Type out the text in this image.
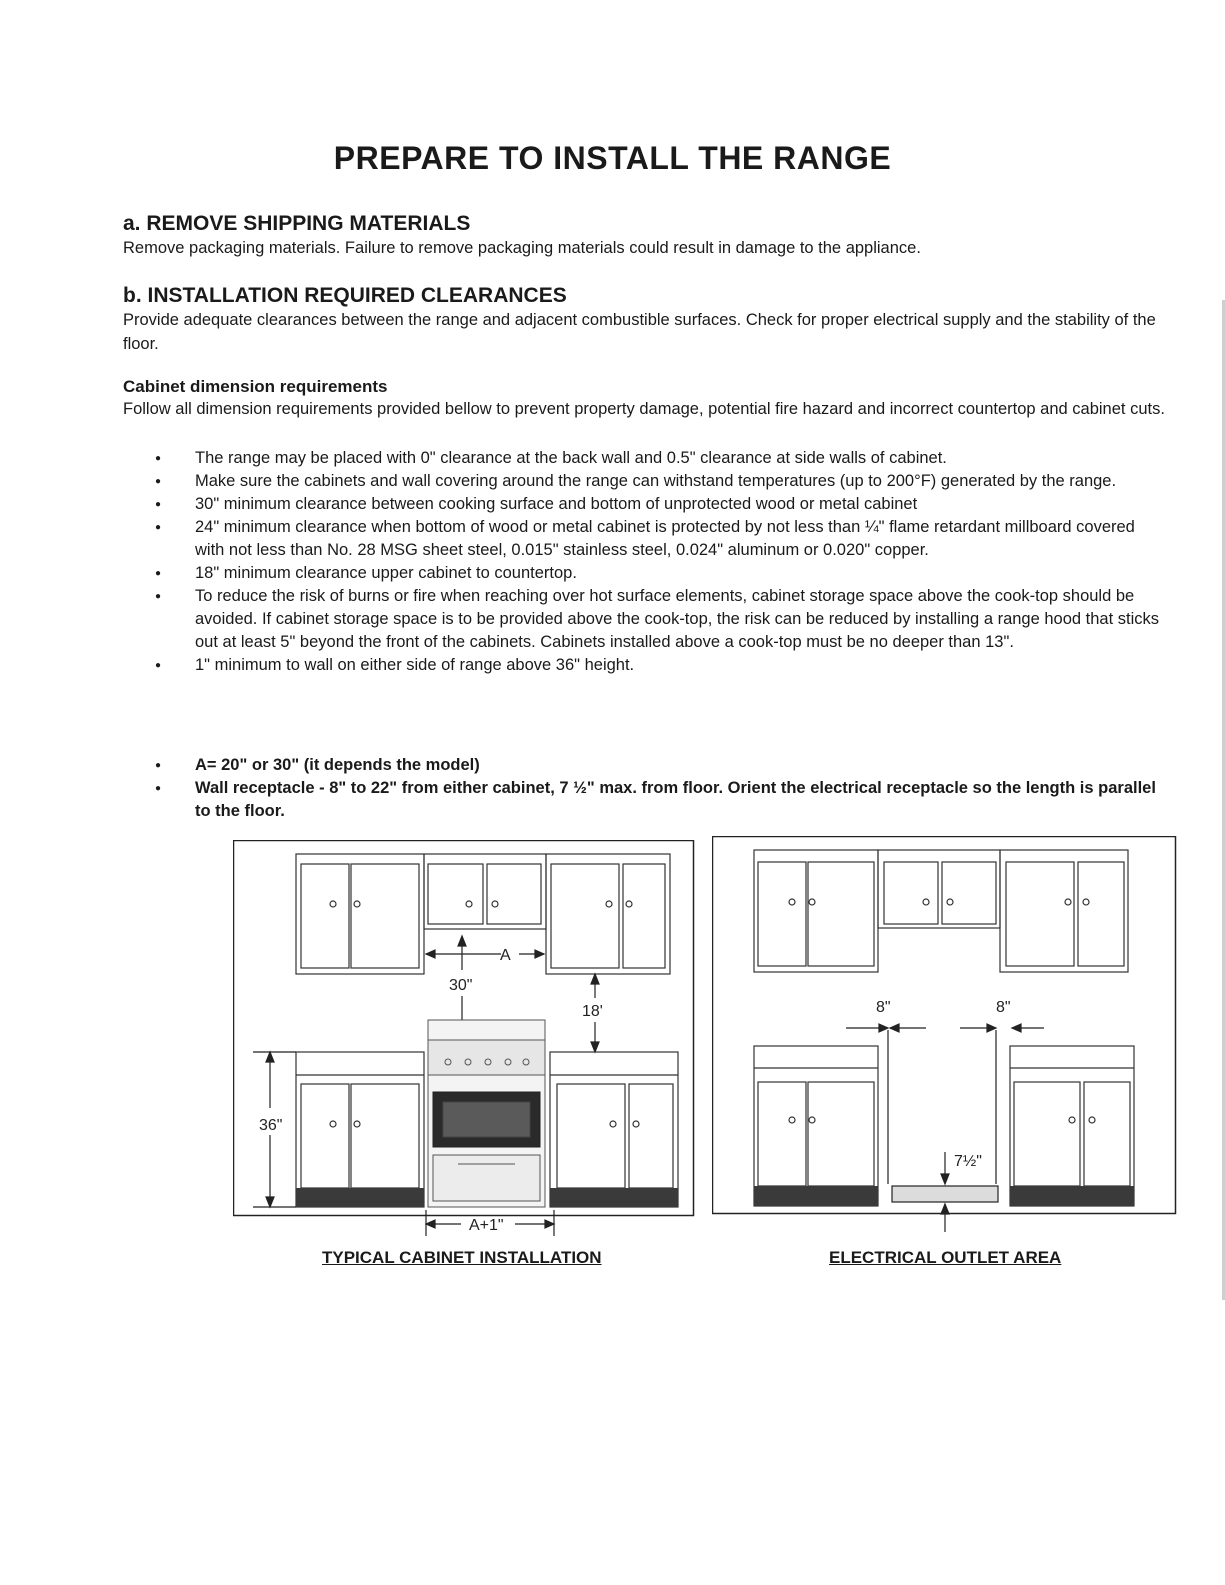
PREPARE TO INSTALL THE RANGE
a. REMOVE SHIPPING MATERIALS

Remove packaging materials. Failure to remove packaging materials could result in damage to the appliance.

b. INSTALLATION REQUIRED CLEARANCES

Provide adequate clearances between the range and adjacent combustible surfaces. Check for proper electrical supply and the stability of the floor.

Cabinet dimension requirements

Follow all dimension requirements provided bellow to prevent property damage, potential fire hazard and incorrect countertop and cabinet cuts.

● The range may be placed with 0" clearance at the back wall and 0.5" clearance at side walls of cabinet.
● Make sure the cabinets and wall covering around the range can withstand temperatures (up to 200°F) generated by the range.
● 30" minimum clearance between cooking surface and bottom of unprotected wood or metal cabinet
● 24" minimum clearance when bottom of wood or metal cabinet is protected by not less than ¼" flame retardant millboard covered with not less than No. 28 MSG sheet steel, 0.015" stainless steel, 0.024" aluminum or 0.020" copper.
● 18" minimum clearance upper cabinet to countertop.
● To reduce the risk of burns or fire when reaching over hot surface elements, cabinet storage space above the cook-top should be avoided. If cabinet storage space is to be provided above the cook-top, the risk can be reduced by installing a range hood that sticks out at least 5" beyond the front of the cabinets. Cabinets installed above a cook-top must be no deeper than 13".
● 1" minimum to wall on either side of range above 36" height.
● A= 20" or 30" (it depends the model)
● Wall receptacle - 8" to 22" from either cabinet, 7 ½" max. from floor. Orient the electrical receptacle so the length is parallel to the floor.
A
30"
18'
36"
A+1"

TYPICAL CABINET INSTALLATION

8"	8"
7½"

ELECTRICAL OUTLET AREA
